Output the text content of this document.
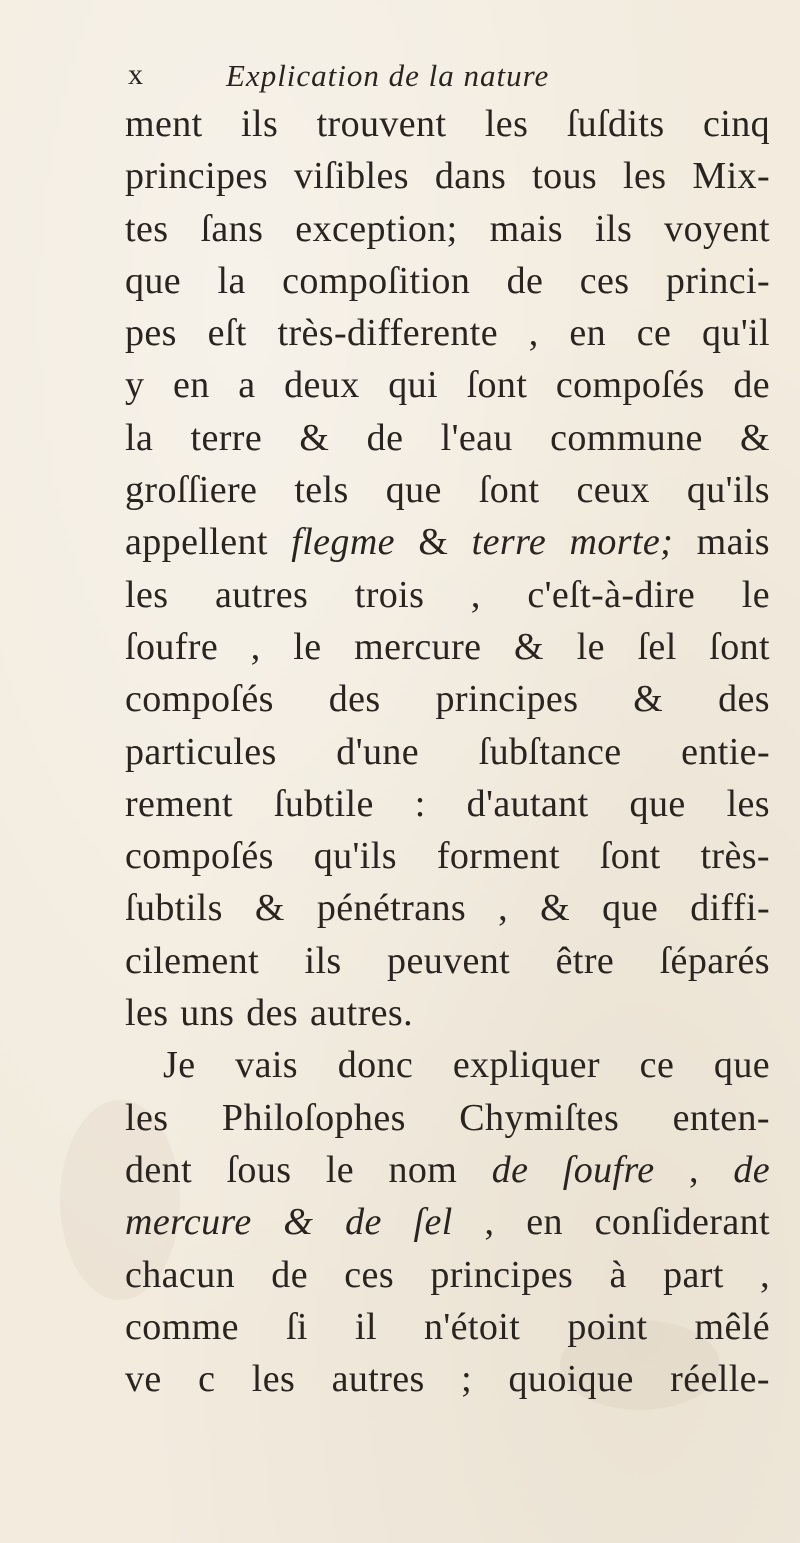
x	Explication de la nature
ment ils trouvent les ſuſdits cinq
principes viſibles dans tous les Mix-
tes ſans exception; mais ils voyent
que la compoſition de ces princi-
pes eſt très-differente , en ce qu'il
y en a deux qui ſont compoſés de
la terre & de l'eau commune &
groſſiere tels que ſont ceux qu'ils
appellent flegme & terre morte; mais
les autres trois , c'eſt-à-dire le
ſoufre , le mercure & le ſel ſont
compoſés des principes & des
particules d'une ſubſtance entie-
rement ſubtile : d'autant que les
compoſés qu'ils forment ſont très-
ſubtils & pénétrans , & que diffi-
cilement ils peuvent être ſéparés
les uns des autres.
Je vais donc expliquer ce que
les Philoſophes Chymiſtes enten-
dent ſous le nom de ſoufre , de
mercure & de ſel , en conſiderant
chacun de ces principes à part ,
comme ſi il n'étoit point mêlé
ve c les autres ; quoique réelle-
